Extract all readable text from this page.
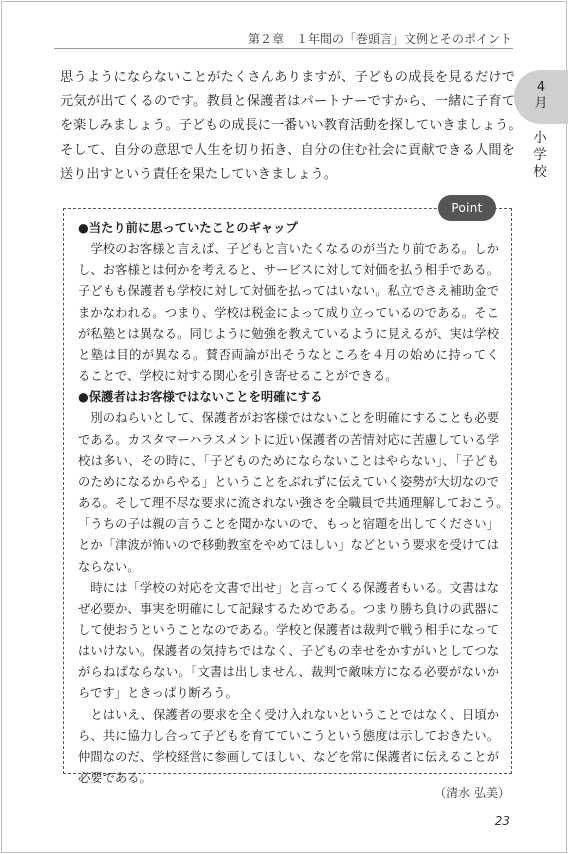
第２章　１年間の「巻頭言」文例とそのポイント
4
月
小
学
校
思うようにならないことがたくさんありますが、子どもの成長を見るだけで
元気が出てくるのです。教員と保護者はパートナーですから、一緒に子育て
を楽しみましょう。子どもの成長に一番いい教育活動を探していきましょう。
そして、自分の意思で人生を切り拓き、自分の住む社会に貢献できる人間を
送り出すという責任を果たしていきましょう。
Point
●当たり前に思っていたことのギャップ
　学校のお客様と言えば、子どもと言いたくなるのが当たり前である。しか
し、お客様とは何かを考えると、サービスに対して対価を払う相手である。
子どもも保護者も学校に対して対価を払ってはいない。私立でさえ補助金で
まかなわれる。つまり、学校は税金によって成り立っているのである。そこ
が私塾とは異なる。同じように勉強を教えているように見えるが、実は学校
と塾は目的が異なる。賛否両論が出そうなところを４月の始めに持ってく
ることで、学校に対する関心を引き寄せることができる。
●保護者はお客様ではないことを明確にする
　別のねらいとして、保護者がお客様ではないことを明確にすることも必要
である。カスタマーハラスメントに近い保護者の苦情対応に苦慮している学
校は多い、その時に、「子どものためにならないことはやらない」、「子ども
のためになるからやる」ということをぶれずに伝えていく姿勢が大切なので
ある。そして理不尽な要求に流されない強さを全職員で共通理解しておこう。
「うちの子は親の言うことを聞かないので、もっと宿題を出してください」
とか「津波が怖いので移動教室をやめてほしい」などという要求を受けては
ならない。
　時には「学校の対応を文書で出せ」と言ってくる保護者もいる。文書はな
ぜ必要か、事実を明確にして記録するためである。つまり勝ち負けの武器に
して使おうということなのである。学校と保護者は裁判で戦う相手になって
はいけない。保護者の気持ちではなく、子どもの幸せをかすがいとしてつな
がらねばならない。「文書は出しません、裁判で敵味方になる必要がないか
らです」ときっぱり断ろう。
　とはいえ、保護者の要求を全く受け入れないということではなく、日頃か
ら、共に協力し合って子どもを育てていこうという態度は示しておきたい。
仲間なのだ、学校経営に参画してほしい、などを常に保護者に伝えることが
必要である。
（清水 弘美）
23
